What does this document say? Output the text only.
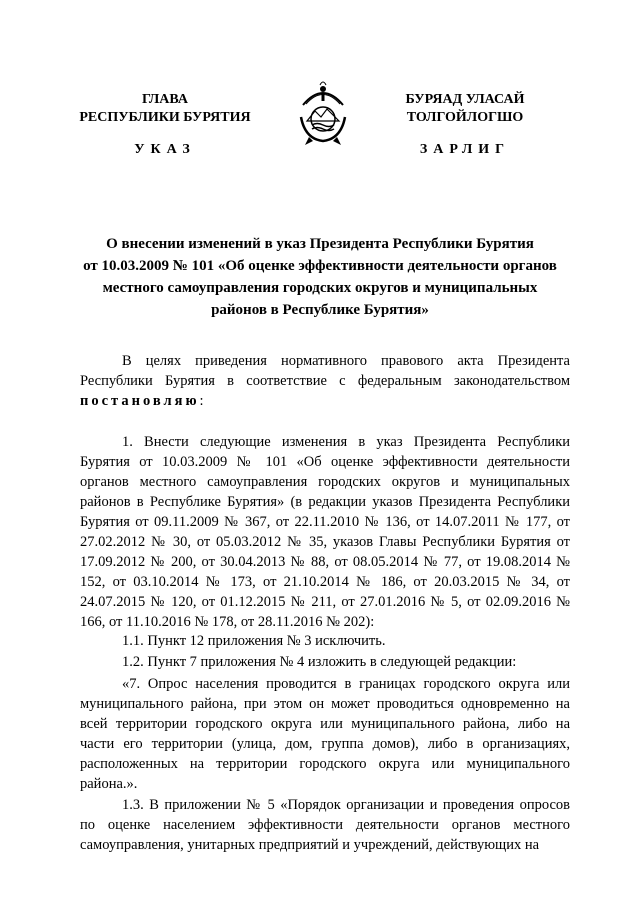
ГЛАВА
РЕСПУБЛИКИ БУРЯТИЯ
БУРЯАД УЛАСАЙ
ТОЛГОЙЛОГШО
УКАЗ	ЗАРЛИГ
О внесении изменений в указ Президента Республики Бурятия
от 10.03.2009 № 101 «Об оценке эффективности деятельности органов
местного самоуправления городских округов и муниципальных
районов в Республике Бурятия»

В целях приведения нормативного правового акта Президента Республики Бурятия в соответствие с федеральным законодательством постановляю:

1. Внести следующие изменения в указ Президента Республики Бурятия от 10.03.2009 № 101 «Об оценке эффективности деятельности органов местного самоуправления городских округов и муниципальных районов в Республике Бурятия» (в редакции указов Президента Республики Бурятия от 09.11.2009 № 367, от 22.11.2010 № 136, от 14.07.2011 № 177, от 27.02.2012 № 30, от 05.03.2012 № 35, указов Главы Республики Бурятия от 17.09.2012 № 200, от 30.04.2013 № 88, от 08.05.2014 № 77, от 19.08.2014 № 152, от 03.10.2014 № 173, от 21.10.2014 № 186, от 20.03.2015 № 34, от 24.07.2015 № 120, от 01.12.2015 № 211, от 27.01.2016 № 5, от 02.09.2016 № 166, от 11.10.2016 № 178, от 28.11.2016 № 202):

1.1. Пункт 12 приложения № 3 исключить.

1.2. Пункт 7 приложения № 4 изложить в следующей редакции:

«7. Опрос населения проводится в границах городского округа или муниципального района, при этом он может проводиться одновременно на всей территории городского округа или муниципального района, либо на части его территории (улица, дом, группа домов), либо в организациях, расположенных на территории городского округа или муниципального района.».

1.3. В приложении № 5 «Порядок организации и проведения опросов по оценке населением эффективности деятельности органов местного самоуправления, унитарных предприятий и учреждений, действующих на
